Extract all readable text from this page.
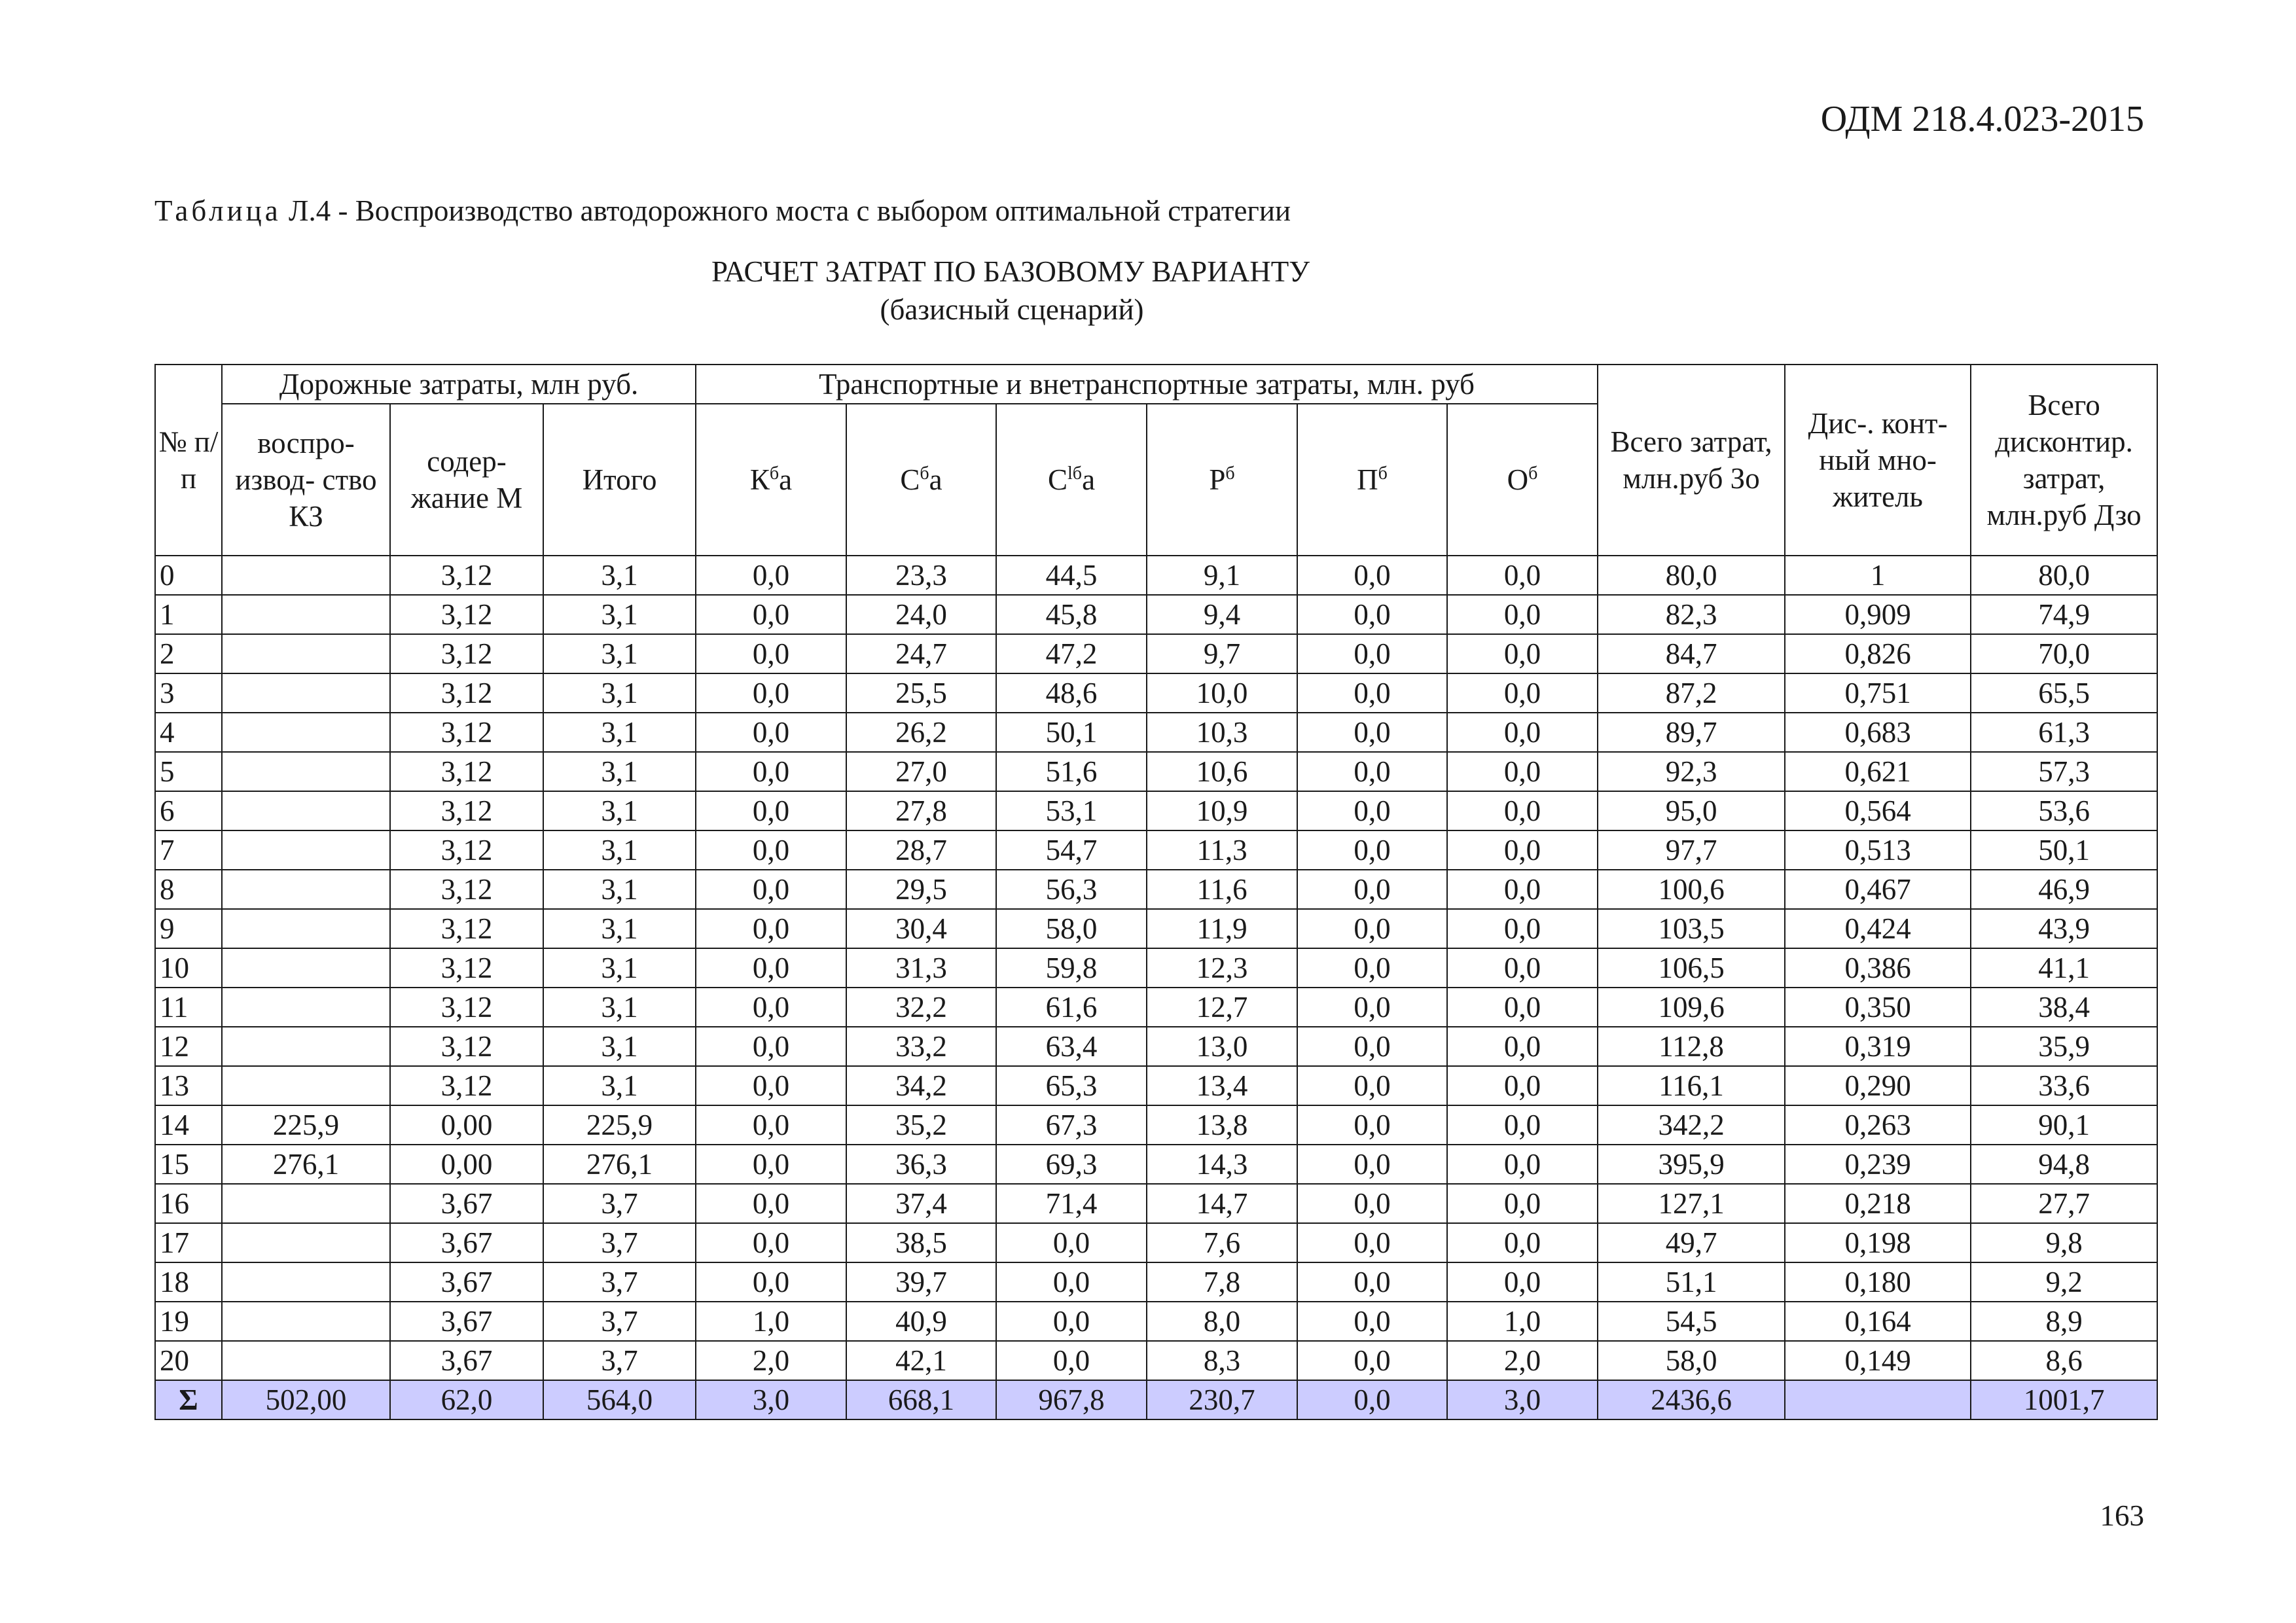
ОДМ 218.4.023-2015
Таблица Л.4 - Воспроизводство автодорожного моста с выбором оптимальной стратегии
РАСЧЕТ ЗАТРАТ ПО БАЗОВОМУ ВАРИАНТУ
(базисный сценарий)
№ п/ п	Дорожные затраты, млн руб.			Транспортные и внетранспортные затраты, млн. руб						Всего затрат, млн.руб Зо	Дис-. конт- ный мно- житель	Всего дисконтир. затрат, млн.руб Дзо
	воспро- извод- ство КЗ	содер- жание М	Итого									
				$К^ба$	$С^ба$	$С^{lб}а$	$Р^б$	$П^б$	$О^б$
0		3,12	3,1	0,0	23,3	44,5	9,1	0,0	0,0	80,0	1	80,0
1		3,12	3,1	0,0	24,0	45,8	9,4	0,0	0,0	82,3	0,909	74,9
2		3,12	3,1	0,0	24,7	47,2	9,7	0,0	0,0	84,7	0,826	70,0
3		3,12	3,1	0,0	25,5	48,6	10,0	0,0	0,0	87,2	0,751	65,5
4		3,12	3,1	0,0	26,2	50,1	10,3	0,0	0,0	89,7	0,683	61,3
5		3,12	3,1	0,0	27,0	51,6	10,6	0,0	0,0	92,3	0,621	57,3
6		3,12	3,1	0,0	27,8	53,1	10,9	0,0	0,0	95,0	0,564	53,6
7		3,12	3,1	0,0	28,7	54,7	11,3	0,0	0,0	97,7	0,513	50,1
8		3,12	3,1	0,0	29,5	56,3	11,6	0,0	0,0	100,6	0,467	46,9
9		3,12	3,1	0,0	30,4	58,0	11,9	0,0	0,0	103,5	0,424	43,9
10		3,12	3,1	0,0	31,3	59,8	12,3	0,0	0,0	106,5	0,386	41,1
11		3,12	3,1	0,0	32,2	61,6	12,7	0,0	0,0	109,6	0,350	38,4
12		3,12	3,1	0,0	33,2	63,4	13,0	0,0	0,0	112,8	0,319	35,9
13		3,12	3,1	0,0	34,2	65,3	13,4	0,0	0,0	116,1	0,290	33,6
14	225,9	0,00	225,9	0,0	35,2	67,3	13,8	0,0	0,0	342,2	0,263	90,1
15	276,1	0,00	276,1	0,0	36,3	69,3	14,3	0,0	0,0	395,9	0,239	94,8
16		3,67	3,7	0,0	37,4	71,4	14,7	0,0	0,0	127,1	0,218	27,7
17		3,67	3,7	0,0	38,5	0,0	7,6	0,0	0,0	49,7	0,198	9,8
18		3,67	3,7	0,0	39,7	0,0	7,8	0,0	0,0	51,1	0,180	9,2
19		3,67	3,7	1,0	40,9	0,0	8,0	0,0	1,0	54,5	0,164	8,9
20		3,67	3,7	2,0	42,1	0,0	8,3	0,0	2,0	58,0	0,149	8,6
Σ	502,00	62,0	564,0	3,0	668,1	967,8	230,7	0,0	3,0	2436,6		1001,7
163
